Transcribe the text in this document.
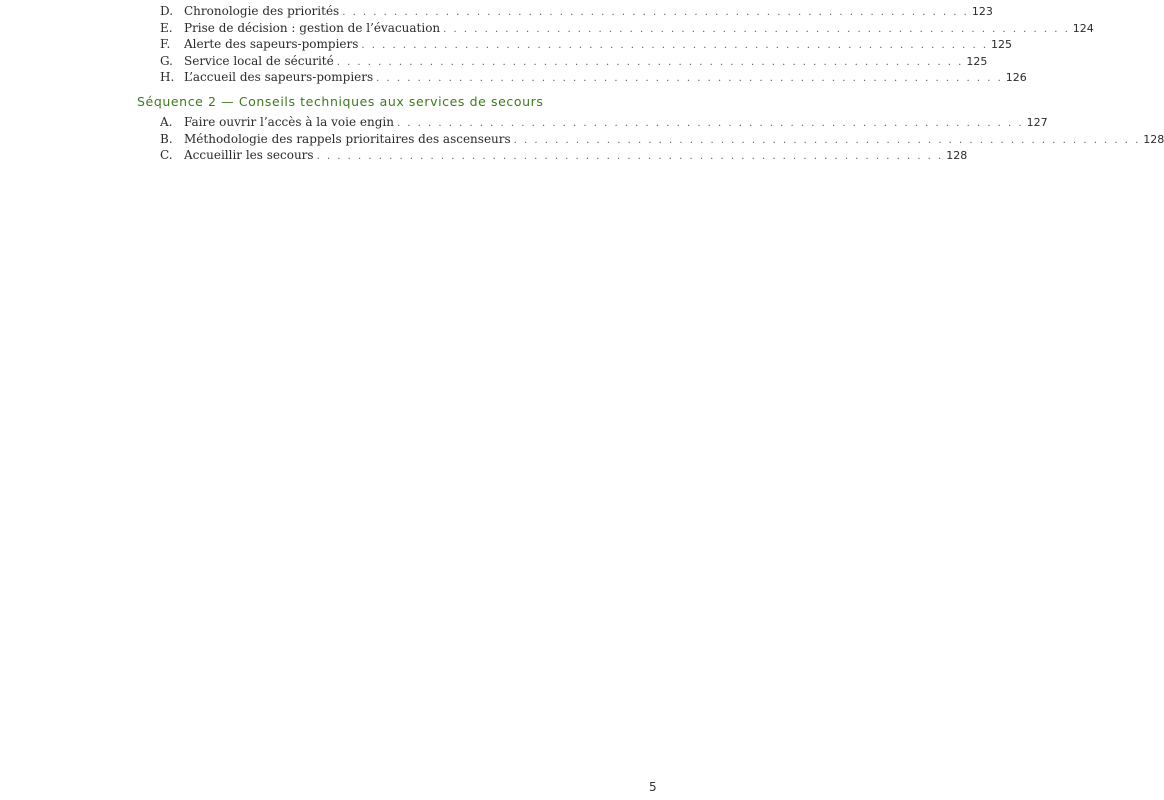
D. Chronologie des priorités . . . . . . . . . . . . . . . . . . . . . . . . . . . . . . . . . . . . . . . . . . . . . . . . . . . . . . . . . . . . . 123
E. Prise de décision : gestion de l’évacuation . . . . . . . . . . . . . . . . . . . . . . . . . . . . . . . . . . . . . . . . . . . . . . . . . . . . . . . . . . . . . 124
F.	Alerte des sapeurs-pompiers . . . . . . . . . . . . . . . . . . . . . . . . . . . . . . . . . . . . . . . . . . . . . . . . . . . . . . . . . . . . . 125
G. Service local de sécurité . . . . . . . . . . . . . . . . . . . . . . . . . . . . . . . . . . . . . . . . . . . . . . . . . . . . . . . . . . . . . 125
H. L’accueil des sapeurs-pompiers . . . . . . . . . . . . . . . . . . . . . . . . . . . . . . . . . . . . . . . . . . . . . . . . . . . . . . . . . . . . . 126
Séquence 2 — Conseils techniques aux services de secours
A. Faire ouvrir l’accès à la voie engin . . . . . . . . . . . . . . . . . . . . . . . . . . . . . . . . . . . . . . . . . . . . . . . . . . . . . . . . . . . . . 127
B. Méthodologie des rappels prioritaires des ascenseurs . . . . . . . . . . . . . . . . . . . . . . . . . . . . . . . . . . . . . . . . . . . . . . . . . . . . . . . . . . . . . 128
C. Accueillir les secours . . . . . . . . . . . . . . . . . . . . . . . . . . . . . . . . . . . . . . . . . . . . . . . . . . . . . . . . . . . . . 128
5
